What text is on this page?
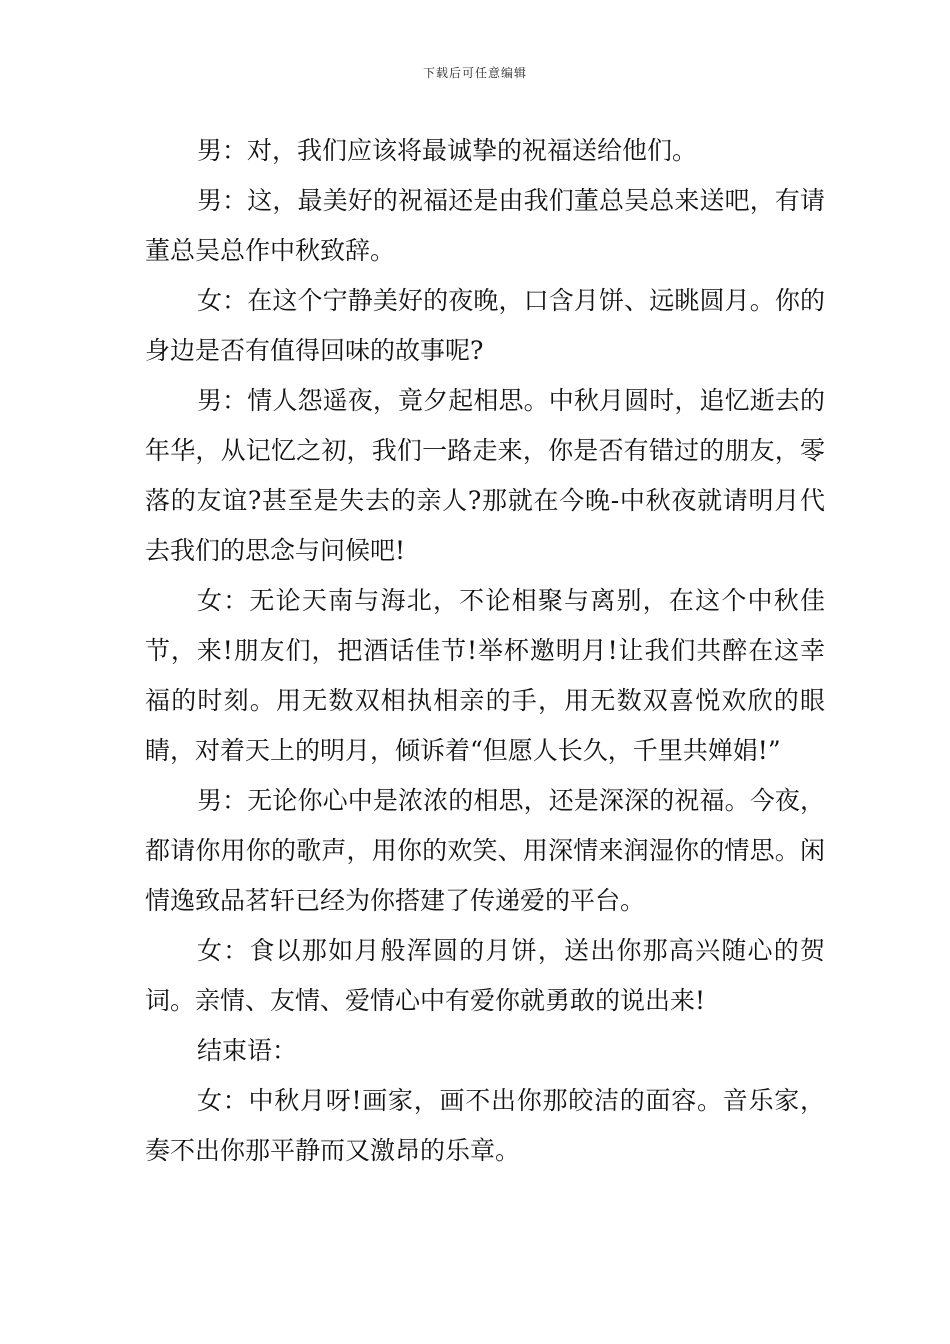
下载后可任意编辑

男：对，我们应该将最诚挚的祝福送给他们。

男：这，最美好的祝福还是由我们董总吴总来送吧，有请董总吴总作中秋致辞。

女：在这个宁静美好的夜晚，口含月饼、远眺圆月。你的身边是否有值得回味的故事呢?

男：情人怨遥夜，竟夕起相思。中秋月圆时，追忆逝去的年华，从记忆之初，我们一路走来，你是否有错过的朋友，零落的友谊?甚至是失去的亲人?那就在今晚-中秋夜就请明月代去我们的思念与问候吧!

女：无论天南与海北，不论相聚与离别，在这个中秋佳节，来!朋友们，把酒话佳节!举杯邀明月!让我们共醉在这幸福的时刻。用无数双相执相亲的手，用无数双喜悦欢欣的眼睛，对着天上的明月，倾诉着“但愿人长久，千里共婵娟!”

男：无论你心中是浓浓的相思，还是深深的祝福。今夜，都请你用你的歌声，用你的欢笑、用深情来润湿你的情思。闲情逸致品茗轩已经为你搭建了传递爱的平台。

女：食以那如月般浑圆的月饼，送出你那高兴随心的贺词。亲情、友情、爱情心中有爱你就勇敢的说出来!

结束语：

女：中秋月呀!画家，画不出你那皎洁的面容。音乐家，奏不出你那平静而又激昂的乐章。
